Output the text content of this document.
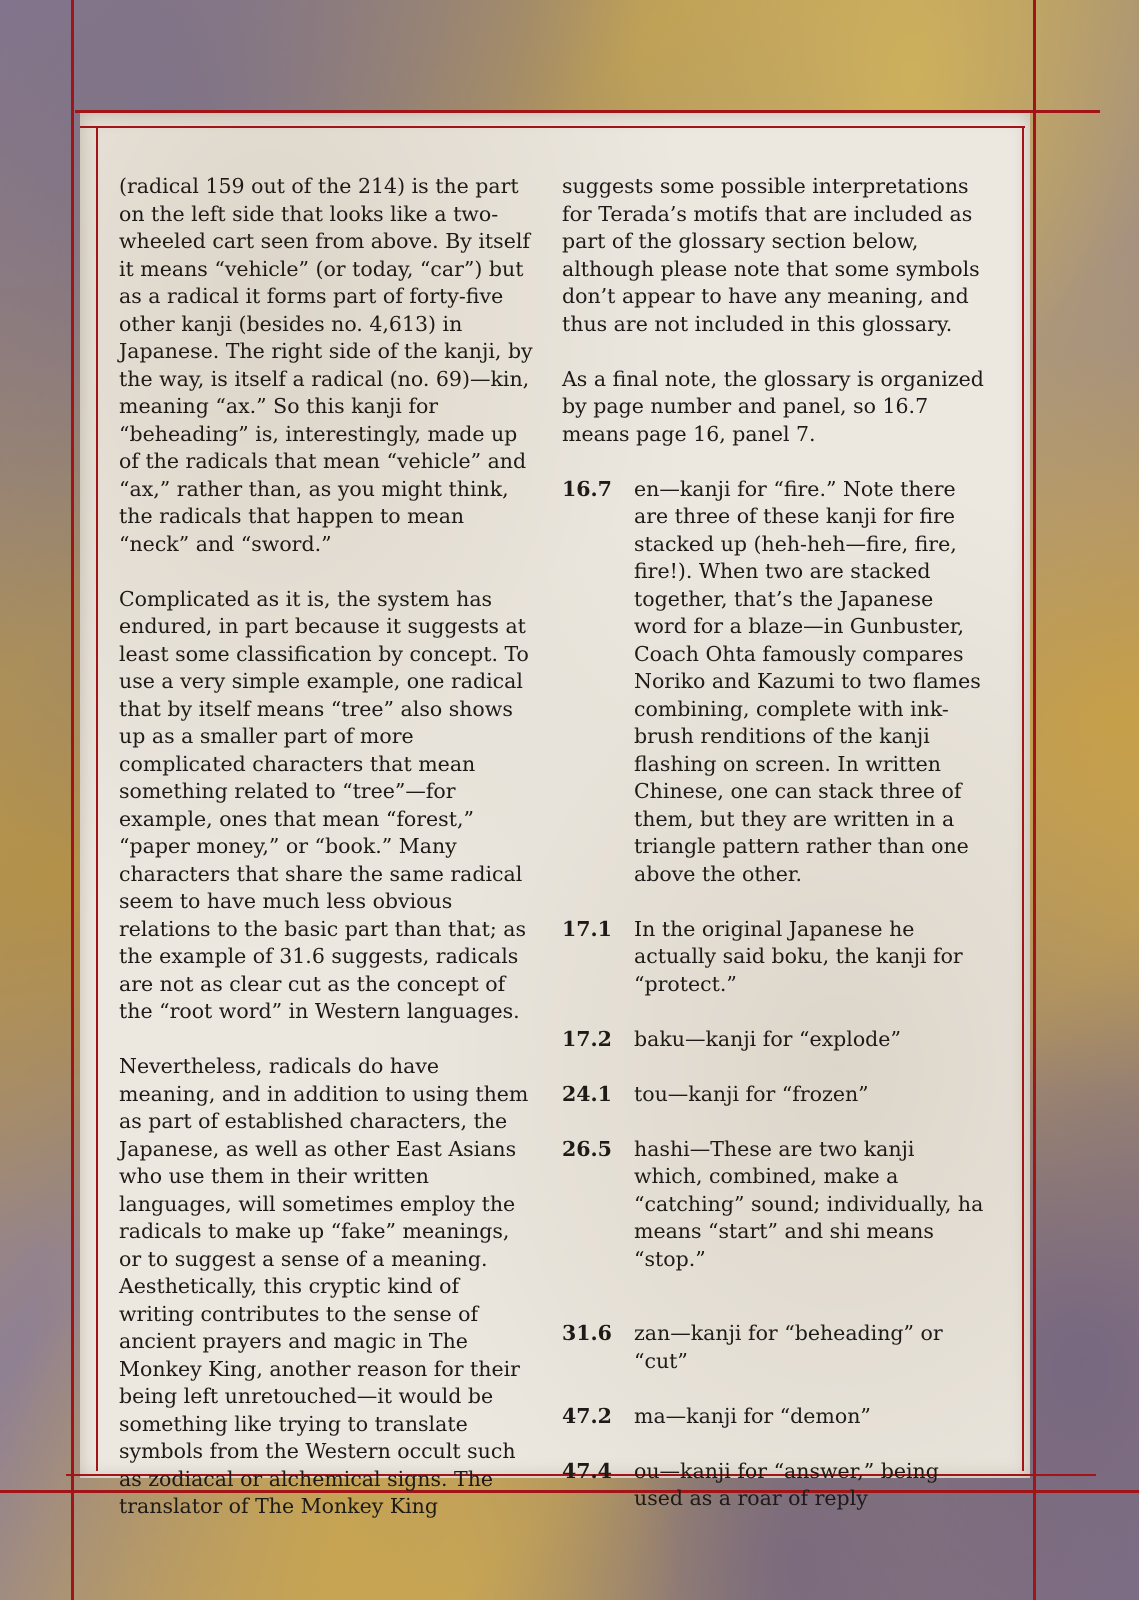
(radical 159 out of the 214) is the part on the left side that looks like a two-wheeled cart seen from above. By itself it means “vehicle” (or today, “car”) but as a radical it forms part of forty-five other kanji (besides no. 4,613) in Japanese. The right side of the kanji, by the way, is itself a radical (no. 69)—kin, meaning “ax.” So this kanji for “beheading” is, interestingly, made up of the radicals that mean “vehicle” and “ax,” rather than, as you might think, the radicals that happen to mean “neck” and “sword.”

Complicated as it is, the system has endured, in part because it suggests at least some classification by concept. To use a very simple example, one radical that by itself means “tree” also shows up as a smaller part of more complicated characters that mean something related to “tree”—for example, ones that mean “forest,” “paper money,” or “book.” Many characters that share the same radical seem to have much less obvious relations to the basic part than that; as the example of 31.6 suggests, radicals are not as clear cut as the concept of the “root word” in Western languages.

Nevertheless, radicals do have meaning, and in addition to using them as part of established characters, the Japanese, as well as other East Asians who use them in their written languages, will sometimes employ the radicals to make up “fake” meanings, or to suggest a sense of a meaning. Aesthetically, this cryptic kind of writing contributes to the sense of ancient prayers and magic in The Monkey King, another reason for their being left unretouched—it would be something like trying to translate symbols from the Western occult such as zodiacal or alchemical signs. The translator of The Monkey King

suggests some possible interpretations for Terada’s motifs that are included as part of the glossary section below, although please note that some symbols don’t appear to have any meaning, and thus are not included in this glossary.

As a final note, the glossary is organized by page number and panel, so 16.7 means page 16, panel 7.

16.7	en—kanji for “fire.” Note there are three of these kanji for fire stacked up (heh-heh—fire, fire, fire!). When two are stacked together, that’s the Japanese word for a blaze—in Gunbuster, Coach Ohta famously compares Noriko and Kazumi to two flames combining, complete with ink-brush renditions of the kanji flashing on screen. In written Chinese, one can stack three of them, but they are written in a triangle pattern rather than one above the other.
17.1	In the original Japanese he actually said boku, the kanji for “protect.”
17.2	baku—kanji for “explode”
24.1	tou—kanji for “frozen”
26.5	hashi—These are two kanji which, combined, make a “catching” sound; individually, ha means “start” and shi means “stop.”
31.6	zan—kanji for “beheading” or “cut”
47.2	ma—kanji for “demon”
47.4	ou—kanji for “answer,” being used as a roar of reply
